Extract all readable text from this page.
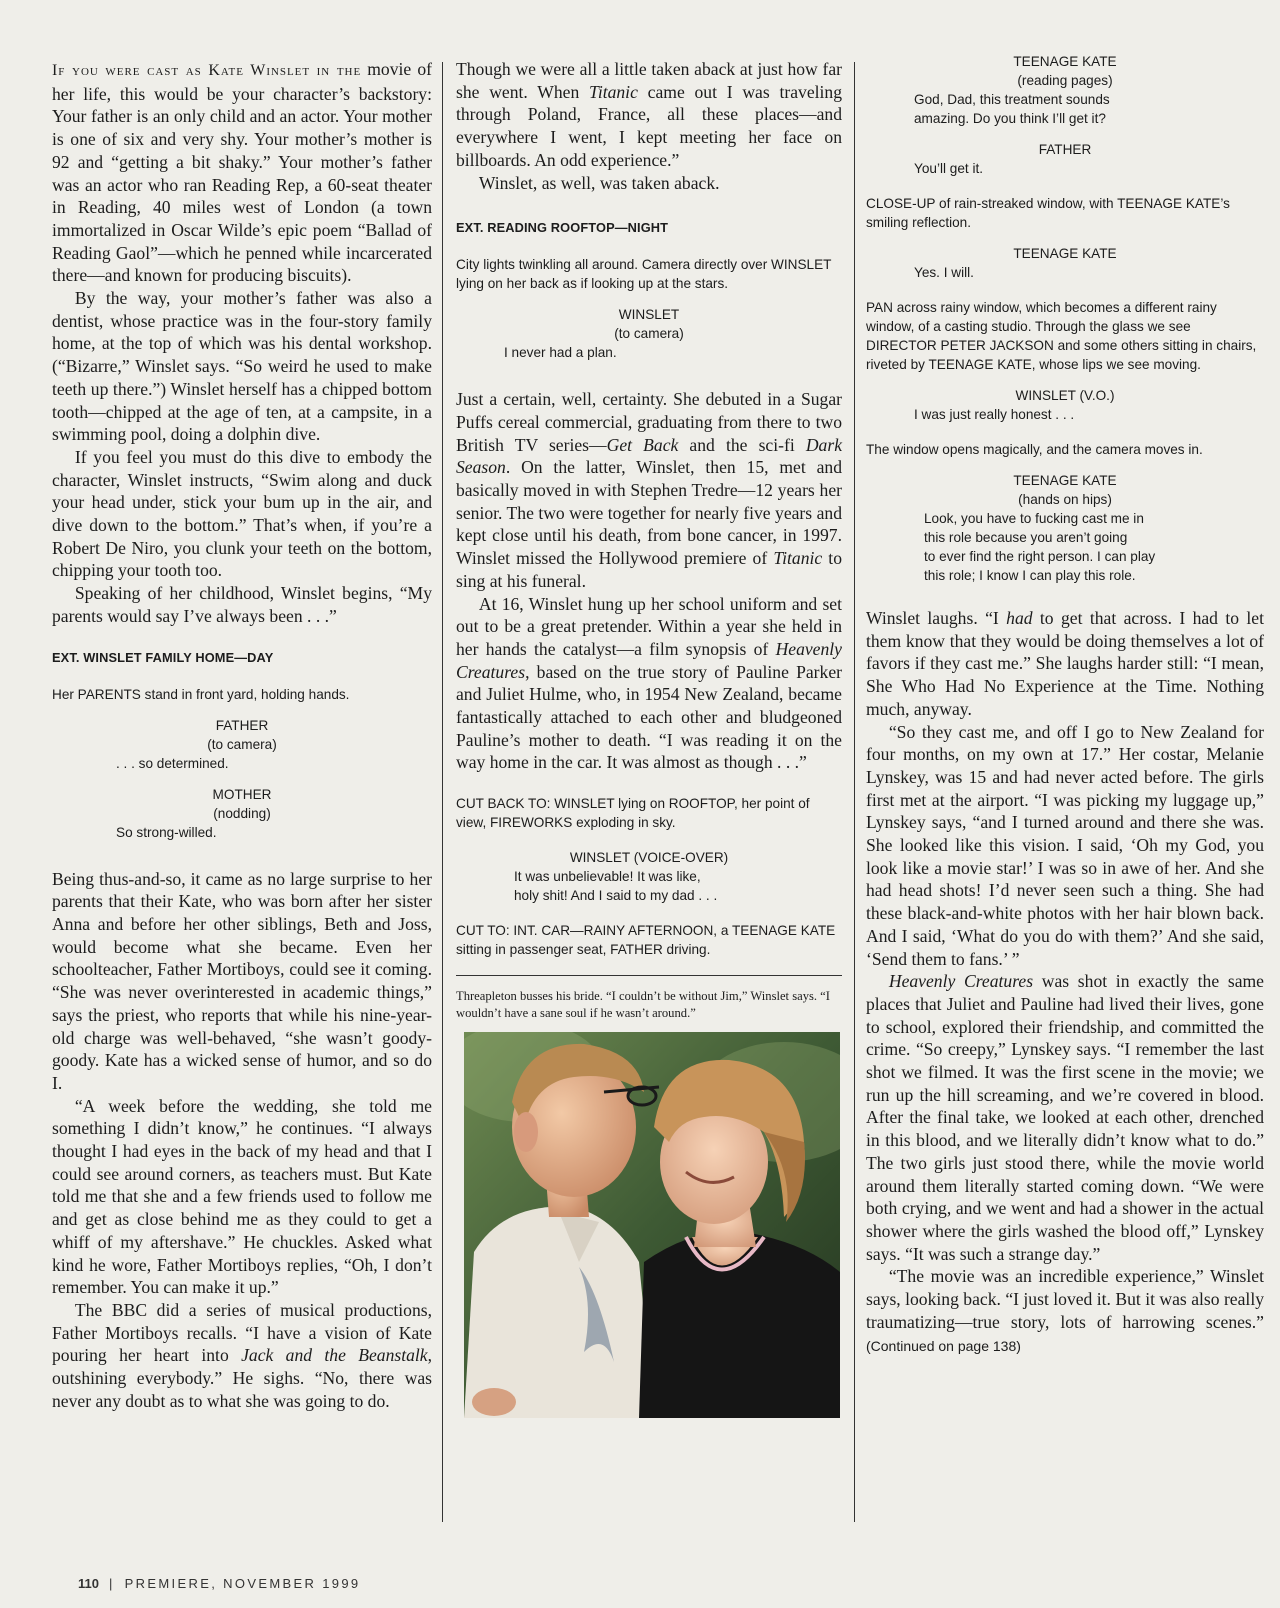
If you were cast as Kate Winslet in the movie of her life, this would be your character’s backstory: Your father is an only child and an actor. Your mother is one of six and very shy. Your mother’s mother is 92 and “getting a bit shaky.” Your mother’s father was an actor who ran Reading Rep, a 60-seat theater in Reading, 40 miles west of London (a town immortalized in Oscar Wilde’s epic poem “Ballad of Reading Gaol”—which he penned while incarcerated there—and known for producing biscuits).

By the way, your mother’s father was also a dentist, whose practice was in the four-story family home, at the top of which was his dental workshop. (“Bizarre,” Winslet says. “So weird he used to make teeth up there.”) Winslet herself has a chipped bottom tooth—chipped at the age of ten, at a campsite, in a swimming pool, doing a dolphin dive.

If you feel you must do this dive to embody the character, Winslet instructs, “Swim along and duck your head under, stick your bum up in the air, and dive down to the bottom.” That’s when, if you’re a Robert De Niro, you clunk your teeth on the bottom, chipping your tooth too.

Speaking of her childhood, Winslet begins, “My parents would say I’ve always been . . .”

EXT. WINSLET FAMILY HOME—DAY
Her PARENTS stand in front yard, holding hands.
FATHER
(to camera)
. . . so determined.
MOTHER
(nodding)
So strong-willed.

Being thus-and-so, it came as no large surprise to her parents that their Kate, who was born after her sister Anna and before her other siblings, Beth and Joss, would become what she became. Even her schoolteacher, Father Mortiboys, could see it coming. “She was never overinterested in academic things,” says the priest, who reports that while his nine-year-old charge was well-behaved, “she wasn’t goody-goody. Kate has a wicked sense of humor, and so do I.

“A week before the wedding, she told me something I didn’t know,” he continues. “I always thought I had eyes in the back of my head and that I could see around corners, as teachers must. But Kate told me that she and a few friends used to follow me and get as close behind me as they could to get a whiff of my aftershave.” He chuckles. Asked what kind he wore, Father Mortiboys replies, “Oh, I don’t remember. You can make it up.”

The BBC did a series of musical productions, Father Mortiboys recalls. “I have a vision of Kate pouring her heart into Jack and the Beanstalk, outshining everybody.” He sighs. “No, there was never any doubt as to what she was going to do.

Though we were all a little taken aback at just how far she went. When Titanic came out I was traveling through Poland, France, all these places—and everywhere I went, I kept meeting her face on billboards. An odd experience.”

Winslet, as well, was taken aback.

EXT. READING ROOFTOP—NIGHT
City lights twinkling all around. Camera directly over WINSLET lying on her back as if looking up at the stars.
WINSLET
(to camera)
I never had a plan.

Just a certain, well, certainty. She debuted in a Sugar Puffs cereal commercial, graduating from there to two British TV series—Get Back and the sci-fi Dark Season. On the latter, Winslet, then 15, met and basically moved in with Stephen Tredre—12 years her senior. The two were together for nearly five years and kept close until his death, from bone cancer, in 1997. Winslet missed the Hollywood premiere of Titanic to sing at his funeral.

At 16, Winslet hung up her school uniform and set out to be a great pretender. Within a year she held in her hands the catalyst—a film synopsis of Heavenly Creatures, based on the true story of Pauline Parker and Juliet Hulme, who, in 1954 New Zealand, became fantastically attached to each other and bludgeoned Pauline’s mother to death. “I was reading it on the way home in the car. It was almost as though . . .”

CUT BACK TO: WINSLET lying on ROOFTOP, her point of view, FIREWORKS exploding in sky.
WINSLET (VOICE-OVER)
It was unbelievable! It was like,
holy shit! And I said to my dad . . .
CUT TO: INT. CAR—RAINY AFTERNOON, a TEENAGE KATE sitting in passenger seat, FATHER driving.
Threapleton busses his bride. “I couldn’t be without Jim,” Winslet says. “I wouldn’t have a sane soul if he wasn’t around.”
TEENAGE KATE
(reading pages)
God, Dad, this treatment sounds
amazing. Do you think I’ll get it?
FATHER
You’ll get it.
CLOSE-UP of rain-streaked window, with TEENAGE KATE’s smiling reflection.
TEENAGE KATE
Yes. I will.
PAN across rainy window, which becomes a different rainy window, of a casting studio. Through the glass we see DIRECTOR PETER JACKSON and some others sitting in chairs, riveted by TEENAGE KATE, whose lips we see moving.
WINSLET (V.O.)
I was just really honest . . .
The window opens magically, and the camera moves in.
TEENAGE KATE
(hands on hips)
Look, you have to fucking cast me in
this role because you aren’t going
to ever find the right person. I can play
this role; I know I can play this role.

Winslet laughs. “I had to get that across. I had to let them know that they would be doing themselves a lot of favors if they cast me.” She laughs harder still: “I mean, She Who Had No Experience at the Time. Nothing much, anyway.

“So they cast me, and off I go to New Zealand for four months, on my own at 17.” Her costar, Melanie Lynskey, was 15 and had never acted before. The girls first met at the airport. “I was picking my luggage up,” Lynskey says, “and I turned around and there she was. She looked like this vision. I said, ‘Oh my God, you look like a movie star!’ I was so in awe of her. And she had head shots! I’d never seen such a thing. She had these black-and-white photos with her hair blown back. And I said, ‘What do you do with them?’ And she said, ‘Send them to fans.’ ”

Heavenly Creatures was shot in exactly the same places that Juliet and Pauline had lived their lives, gone to school, explored their friendship, and committed the crime. “So creepy,” Lynskey says. “I remember the last shot we filmed. It was the first scene in the movie; we run up the hill screaming, and we’re covered in blood. After the final take, we looked at each other, drenched in this blood, and we literally didn’t know what to do.” The two girls just stood there, while the movie world around them literally started coming down. “We were both crying, and we went and had a shower in the actual shower where the girls washed the blood off,” Lynskey says. “It was such a strange day.”

“The movie was an incredible experience,” Winslet says, looking back. “I just loved it. But it was also really traumatizing—true story, lots of harrowing scenes.” (Continued on page 138)

110 | PREMIERE, NOVEMBER 1999
